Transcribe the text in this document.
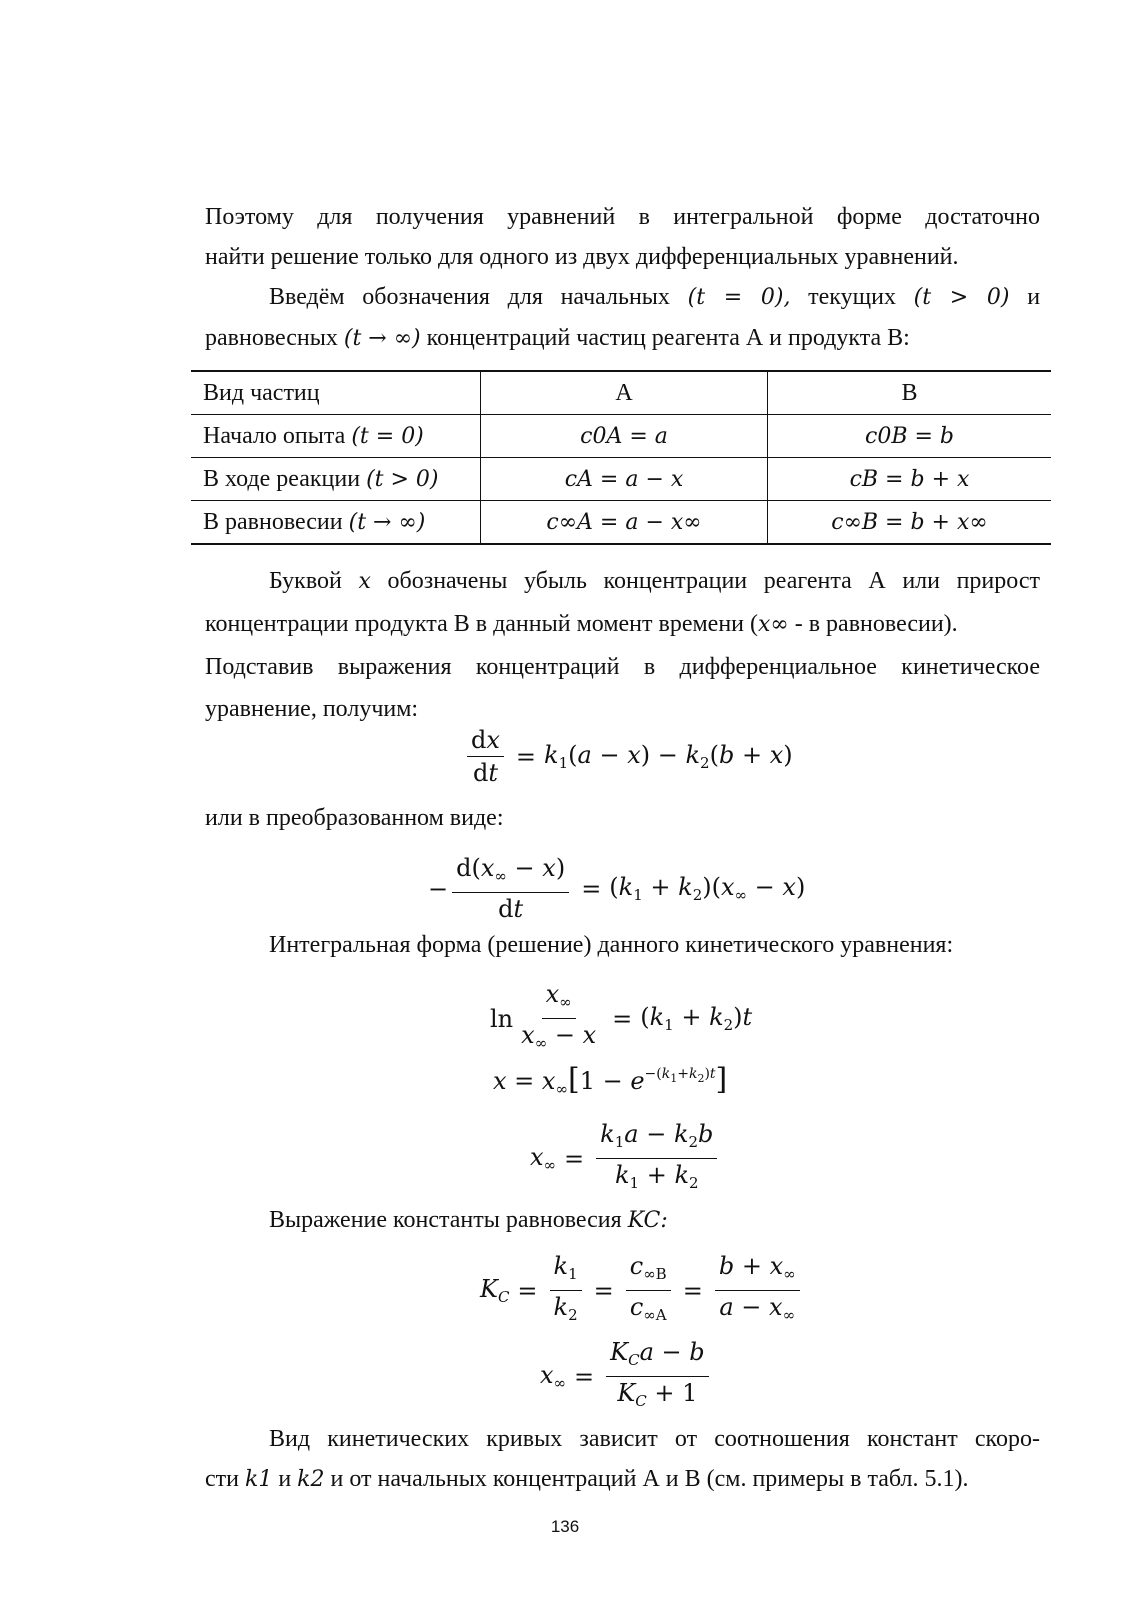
Поэтому для получения уравнений в интегральной форме достаточно
найти решение только для одного из двух дифференциальных уравнений.
Введём обозначения для начальных (t = 0), текущих (t > 0) и
равновесных (t → ∞) концентраций частиц реагента А и продукта В:
Вид частиц	A	B
Начало опыта (t = 0)	c0A = a	c0B = b
В ходе реакции (t > 0)	cA = a − x	cB = b + x
В равновесии (t → ∞)	c∞A = a − x∞	c∞B = b + x∞
Буквой x обозначены убыль концентрации реагента А или прирост
концентрации продукта В в данный момент времени (x∞ - в равновесии).
Подставив выражения концентраций в дифференциальное кинетическое
уравнение, получим:
$\frac{dx}{dt} = k_1(a - x) - k_2(b + x)$
или в преобразованном виде:
− $\frac{d(x_\infty - x)}{dt} = (k_1 + k_2)(x_\infty - x)$
Интегральная форма (решение) данного кинетического уравнения:
$\ln \frac{x_\infty}{x_\infty - x} = (k_1 + k_2)t$
$x = x_\infty[1 - e^{-(k_1+k_2)t}]$
$x_\infty = \frac{k_1a - k_2b}{k_1 + k_2}$
Выражение константы равновесия KC:
$K_C = \frac{k_1}{k_2} = \frac{c_{\infty B}}{c_{\infty A}} = \frac{b + x_\infty}{a - x_\infty}$
$x_\infty = \frac{K_Ca - b}{K_C + 1}$
Вид кинетических кривых зависит от соотношения констант скоро-
сти k1 и k2 и от начальных концентраций А и В (см. примеры в табл. 5.1).
136
